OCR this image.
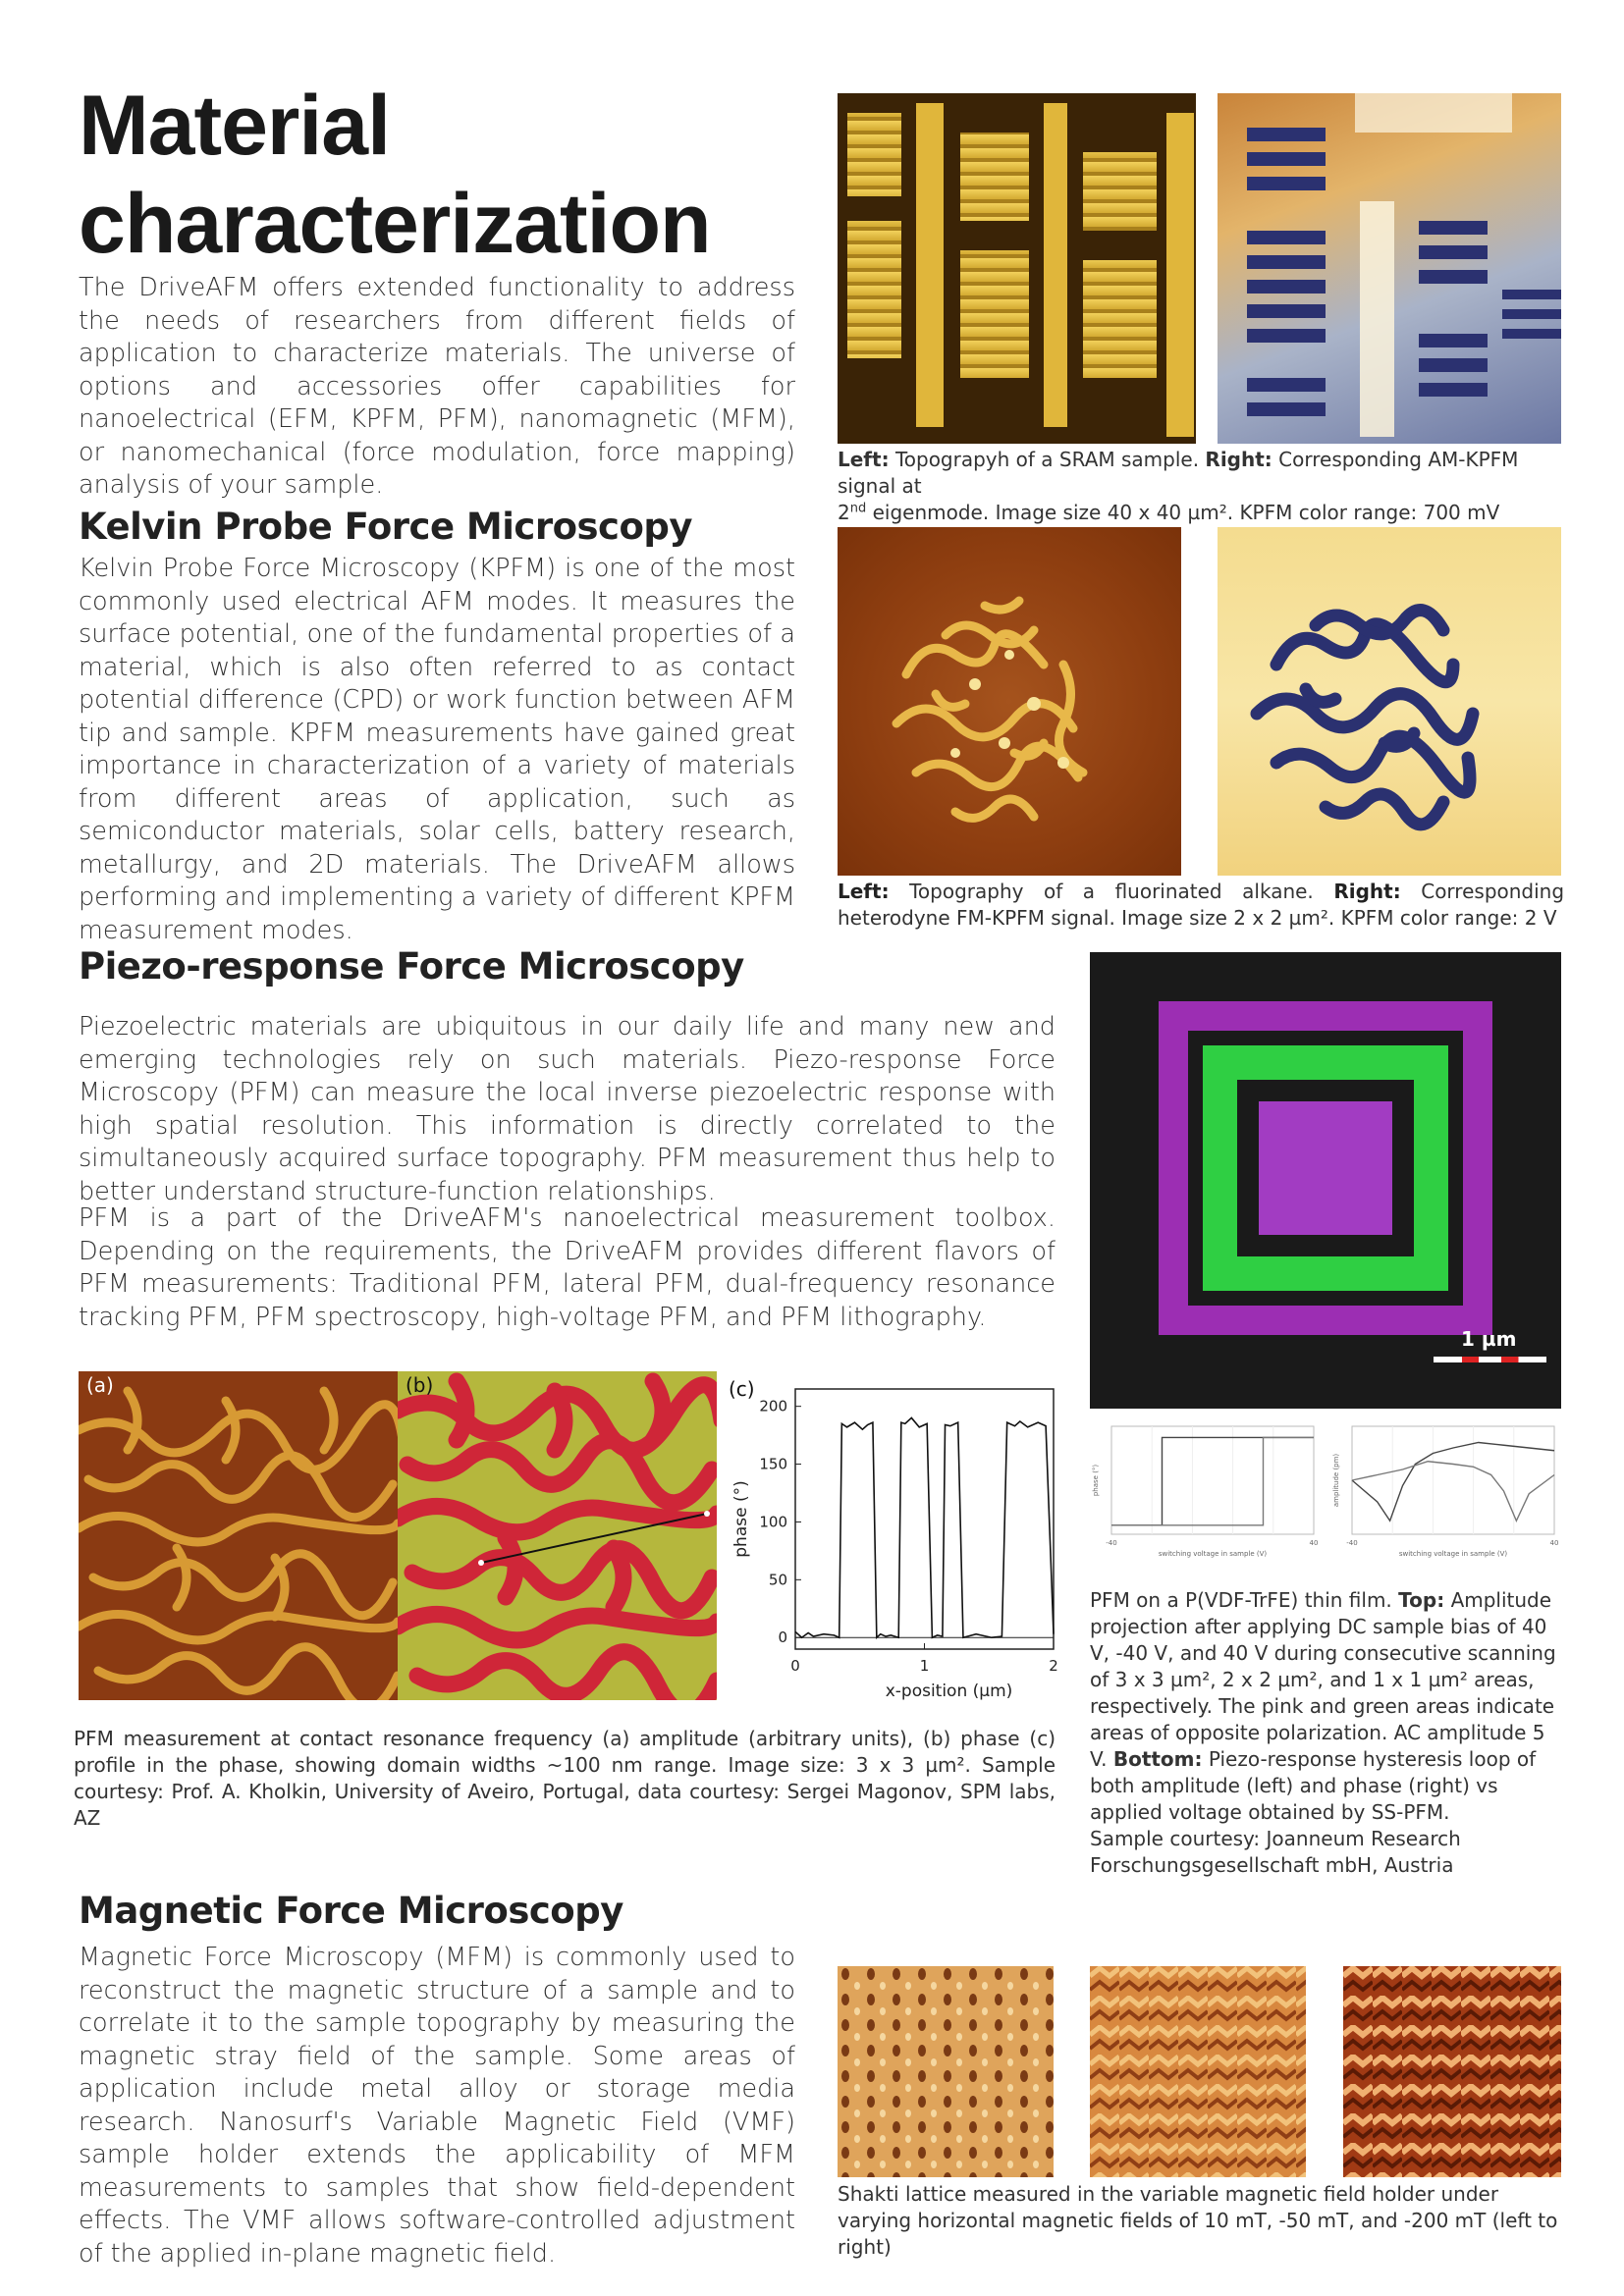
Material characterization

The DriveAFM offers extended functionality to address the needs of researchers from different fields of application to characterize materials. The universe of options and accessories offer capabilities for nanoelectrical (EFM, KPFM, PFM), nanomagnetic (MFM), or nanomechanical (force modulation, force mapping) analysis of your sample.

Left: Topograpyh of a SRAM sample. Right: Corresponding AM-KPFM signal at
2nd eigenmode. Image size 40 x 40 µm². KPFM color range: 700 mV

Kelvin Probe Force Microscopy

Kelvin Probe Force Microscopy (KPFM) is one of the most commonly used electrical AFM modes. It measures the surface potential, one of the fundamental properties of a material, which is also often referred to as contact potential difference (CPD) or work function between AFM tip and sample. KPFM measurements have gained great importance in characterization of a variety of materials from different areas of application, such as semiconductor materials, solar cells, battery research, metallurgy, and 2D materials. The DriveAFM allows performing and implementing a variety of different KPFM measurement modes.

Left: Topography of a fluorinated alkane. Right: Corresponding heterodyne FM-KPFM signal. Image size 2 x 2 µm². KPFM color range: 2 V

Piezo-response Force Microscopy

Piezoelectric materials are ubiquitous in our daily life and many new and emerging technologies rely on such materials. Piezo-response Force Microscopy (PFM) can measure the local inverse piezoelectric response with high spatial resolution. This information is directly correlated to the simultaneously acquired surface topography. PFM measurement thus help to better understand structure-function relationships.

PFM is a part of the DriveAFM's nanoelectrical measurement toolbox. Depending on the requirements, the DriveAFM provides different flavors of PFM measurements: Traditional PFM, lateral PFM, dual-frequency resonance tracking PFM, PFM spectroscopy, high-voltage PFM, and PFM lithography.

1 µm
switching voltage in sample (V)
phase (°)
-40	40
switching voltage in sample (V)
amplitude (pm)
-40	40

PFM on a P(VDF-TrFE) thin film. Top: Amplitude projection after applying DC sample bias of 40 V, -40 V, and 40 V during consecutive scanning of 3 x 3 µm², 2 x 2 µm², and 1 x 1 µm² areas, respectively. The pink and green areas indicate areas of opposite polarization. AC amplitude 5 V. Bottom: Piezo-response hysteresis loop of both amplitude (left) and phase (right) vs applied voltage obtained by SS-PFM.
Sample courtesy: Joanneum Research Forschungsgesellschaft mbH, Austria

(a)	(b)	(c)
0
50
100
150
200
0	1	2
x-position (µm)
phase (°)

PFM measurement at contact resonance frequency (a) amplitude (arbitrary units), (b) phase (c) profile in the phase, showing domain widths ~100 nm range. Image size: 3 x 3 µm². Sample courtesy: Prof. A. Kholkin, University of Aveiro, Portugal, data courtesy: Sergei Magonov, SPM labs, AZ

Magnetic Force Microscopy

Magnetic Force Microscopy (MFM) is commonly used to reconstruct the magnetic structure of a sample and to correlate it to the sample topography by measuring the magnetic stray field of the sample. Some areas of application include metal alloy or storage media research. Nanosurf's Variable Magnetic Field (VMF) sample holder extends the applicability of MFM measurements to samples that show field-dependent effects. The VMF allows software-controlled adjustment of the applied in-plane magnetic field.

Shakti lattice measured in the variable magnetic field holder under varying horizontal magnetic fields of 10 mT, -50 mT, and -200 mT (left to right)
